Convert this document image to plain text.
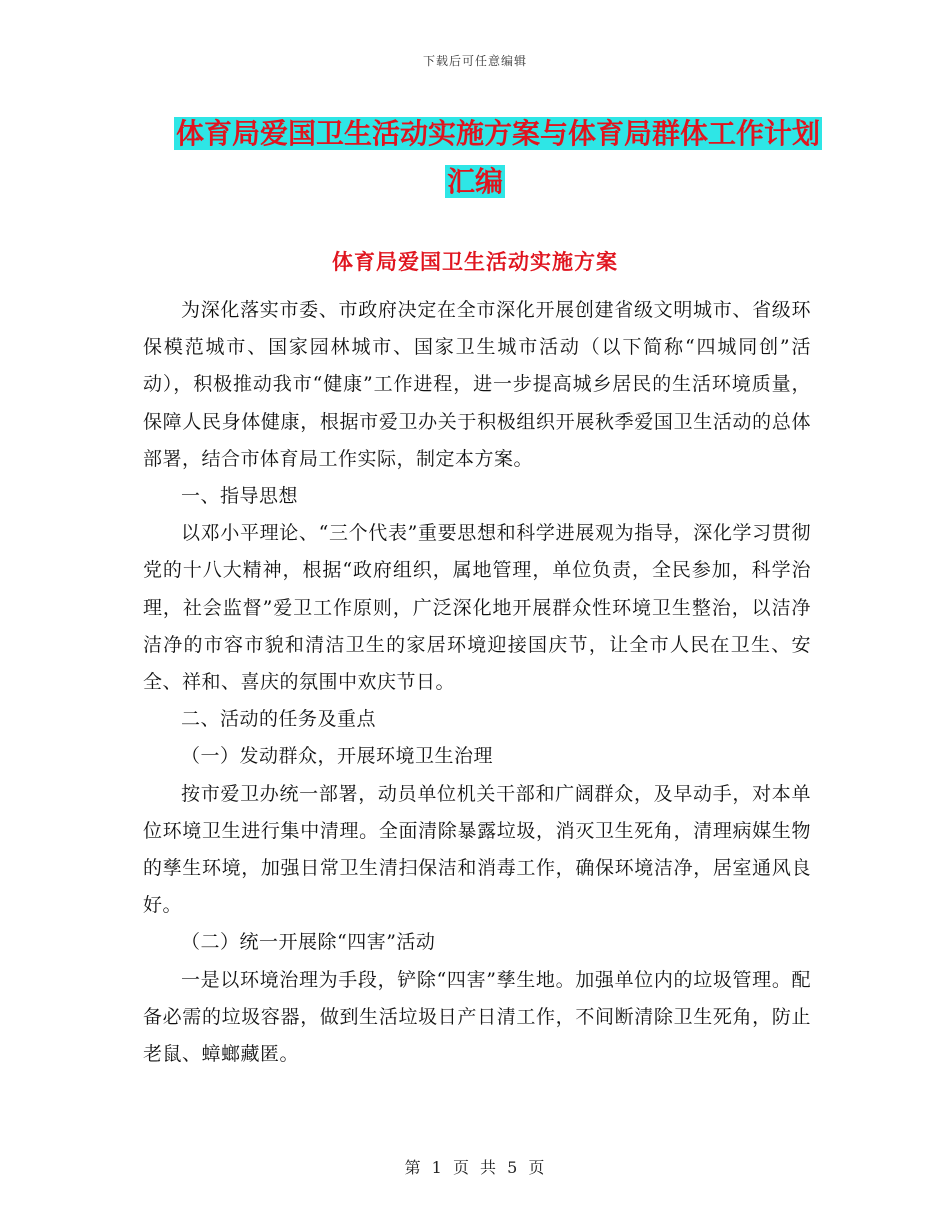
下载后可任意编辑
体育局爱国卫生活动实施方案与体育局群体工作计划
汇编
体育局爱国卫生活动实施方案

为深化落实市委、市政府决定在全市深化开展创建省级文明城市、省级环保模范城市、国家园林城市、国家卫生城市活动（以下简称“四城同创”活动），积极推动我市“健康”工作进程，进一步提高城乡居民的生活环境质量，保障人民身体健康，根据市爱卫办关于积极组织开展秋季爱国卫生活动的总体部署，结合市体育局工作实际，制定本方案。

一、指导思想

以邓小平理论、“三个代表”重要思想和科学进展观为指导，深化学习贯彻党的十八大精神，根据“政府组织，属地管理，单位负责，全民参加，科学治理，社会监督”爱卫工作原则，广泛深化地开展群众性环境卫生整治，以洁净洁净的市容市貌和清洁卫生的家居环境迎接国庆节，让全市人民在卫生、安全、祥和、喜庆的氛围中欢庆节日。

二、活动的任务及重点

（一）发动群众，开展环境卫生治理

按市爱卫办统一部署，动员单位机关干部和广阔群众，及早动手，对本单位环境卫生进行集中清理。全面清除暴露垃圾，消灭卫生死角，清理病媒生物的孳生环境，加强日常卫生清扫保洁和消毒工作，确保环境洁净，居室通风良好。

（二）统一开展除“四害”活动

一是以环境治理为手段，铲除“四害”孳生地。加强单位内的垃圾管理。配备必需的垃圾容器，做到生活垃圾日产日清工作，不间断清除卫生死角，防止老鼠、蟑螂藏匿。

第 1 页 共 5 页
